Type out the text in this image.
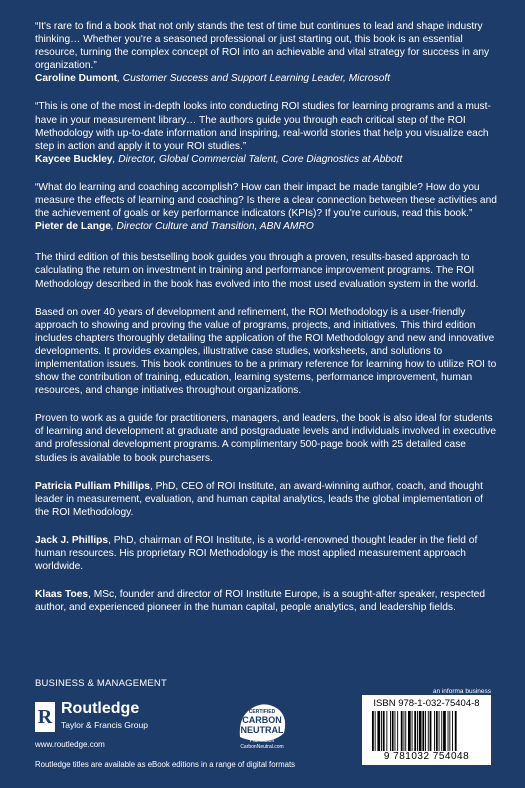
“It's rare to find a book that not only stands the test of time but continues to lead and shape industry thinking… Whether you're a seasoned professional or just starting out, this book is an essential resource, turning the complex concept of ROI into an achievable and vital strategy for success in any organization.”

Caroline Dumont, Customer Success and Support Learning Leader, Microsoft

“This is one of the most in-depth looks into conducting ROI studies for learning programs and a must-have in your measurement library… The authors guide you through each critical step of the ROI Methodology with up-to-date information and inspiring, real-world stories that help you visualize each step in action and apply it to your ROI studies.”

Kaycee Buckley, Director, Global Commercial Talent, Core Diagnostics at Abbott

“What do learning and coaching accomplish? How can their impact be made tangible? How do you measure the effects of learning and coaching? Is there a clear connection between these activities and the achievement of goals or key performance indicators (KPIs)? If you're curious, read this book.”

Pieter de Lange, Director Culture and Transition, ABN AMRO

The third edition of this bestselling book guides you through a proven, results-based approach to calculating the return on investment in training and performance improvement programs. The ROI Methodology described in the book has evolved into the most used evaluation system in the world.

Based on over 40 years of development and refinement, the ROI Methodology is a user-friendly approach to showing and proving the value of programs, projects, and initiatives. This third edition includes chapters thoroughly detailing the application of the ROI Methodology and new and innovative developments. It provides examples, illustrative case studies, worksheets, and solutions to implementation issues. This book continues to be a primary reference for learning how to utilize ROI to show the contribution of training, education, learning systems, performance improvement, human resources, and change initiatives throughout organizations.

Proven to work as a guide for practitioners, managers, and leaders, the book is also ideal for students of learning and development at graduate and postgraduate levels and individuals involved in executive and professional development programs. A complimentary 500-page book with 25 detailed case studies is available to book purchasers.

Patricia Pulliam Phillips, PhD, CEO of ROI Institute, an award-winning author, coach, and thought leader in measurement, evaluation, and human capital analytics, leads the global implementation of the ROI Methodology.

Jack J. Phillips, PhD, chairman of ROI Institute, is a world-renowned thought leader in the field of human resources. His proprietary ROI Methodology is the most applied measurement approach worldwide.

Klaas Toes, MSc, founder and director of ROI Institute Europe, is a sought-after speaker, respected author, and experienced pioneer in the human capital, people analytics, and leadership fields.

BUSINESS & MANAGEMENT
R Routledge
Taylor & Francis Group
www.routledge.com
Routledge titles are available as eBook editions in a range of digital formats
CERTIFIED
CARBON
NEUTRAL
Publication
CarbonNeutral.com
an informa business
ISBN 978-1-032-75404-8
9 781032 754048
